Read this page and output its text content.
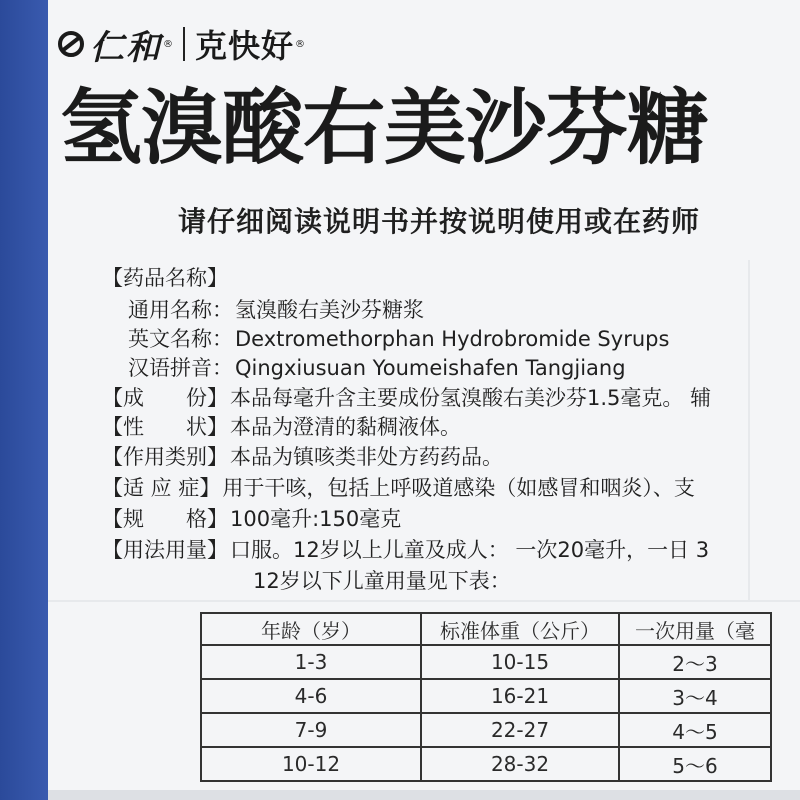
仁和 ® 克快好 ®
氢溴酸右美沙芬糖
请仔细阅读说明书并按说明使用或在药师
【药品名称】
通用名称：氢溴酸右美沙芬糖浆
英文名称：Dextromethorphan Hydrobromide Syrups
汉语拼音：Qingxiusuan Youmeishafen Tangjiang
【成　　份】本品每毫升含主要成份氢溴酸右美沙芬1.5毫克。 辅
【性　　状】本品为澄清的黏稠液体。
【作用类别】本品为镇咳类非处方药药品。
【适 应 症】用于干咳，包括上呼吸道感染（如感冒和咽炎）、支
【规　　格】100毫升:150毫克
【用法用量】口服。12岁以上儿童及成人： 一次20毫升，一日 3
12岁以下儿童用量见下表：
年龄（岁）	标准体重（公斤）	一次用量（毫
1-3	10-15	2～3
4-6	16-21	3～4
7-9	22-27	4～5
10-12	28-32	5～6
